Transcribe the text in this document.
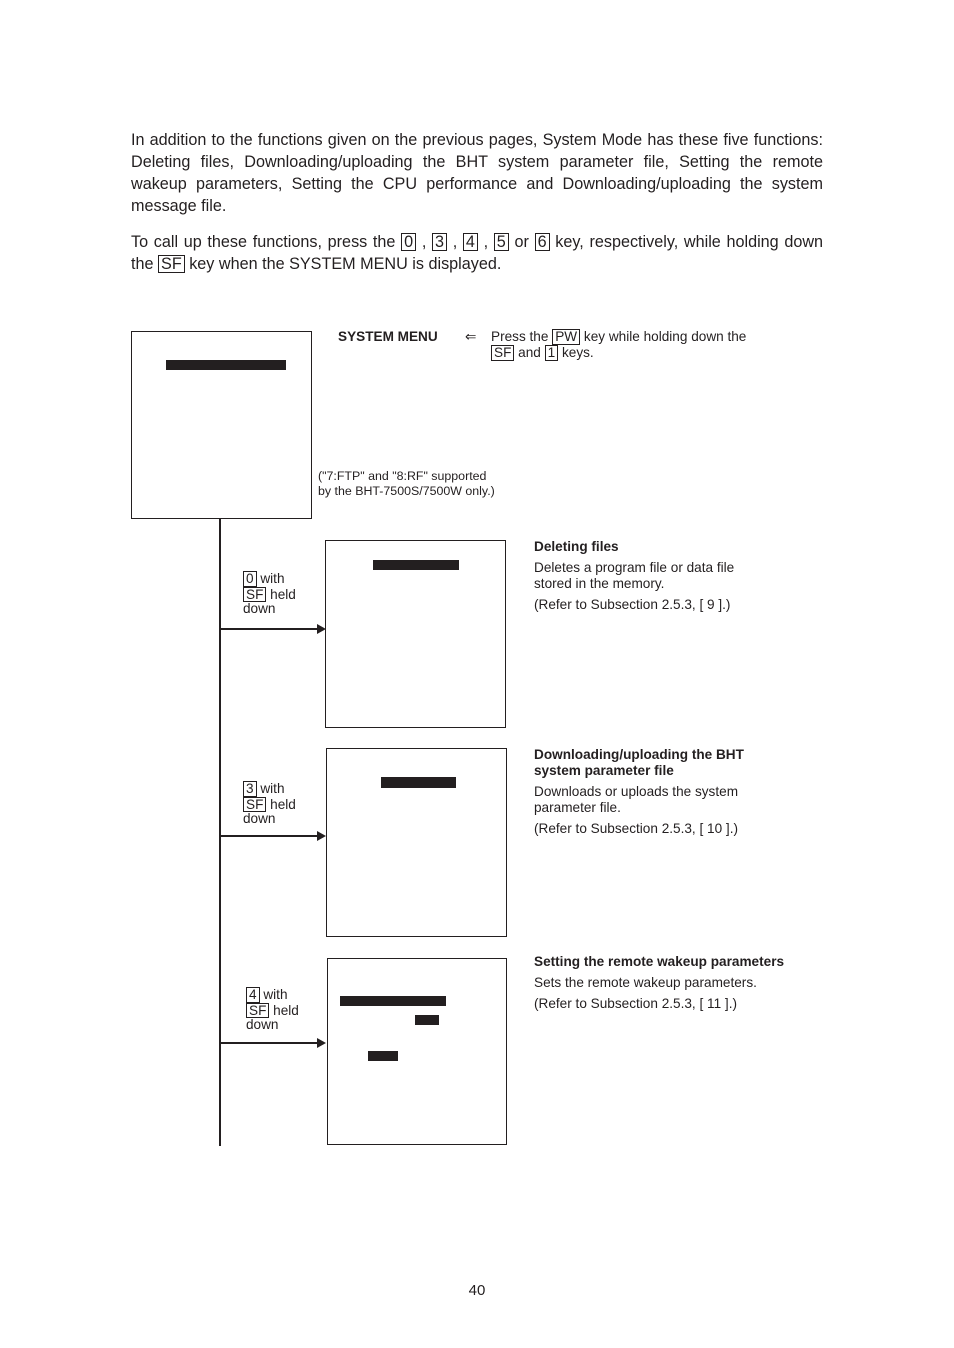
In addition to the functions given on the previous pages, System Mode has these five functions: Deleting files, Downloading/uploading the BHT system parameter file, Setting the remote wakeup parameters, Setting the CPU performance and Downloading/uploading the system message file.

To call up these functions, press the 0 , 3 , 4 , 5 or 6 key, respectively, while holding down the SF key when the SYSTEM MENU is displayed.

SYSTEM MENU ⇐ Press the PW key while holding down the
SF and 1 keys.
("7:FTP" and "8:RF" supported
by the BHT-7500S/7500W only.)
0 with
SF held
down

Deleting files

Deletes a program file or data file

stored in the memory.

(Refer to Subsection 2.5.3, [ 9 ].)

3 with
SF held
down

Downloading/uploading the BHT

system parameter file

Downloads or uploads the system

parameter file.

(Refer to Subsection 2.5.3, [ 10 ].)

4 with
SF held
down

Setting the remote wakeup parameters

Sets the remote wakeup parameters.

(Refer to Subsection 2.5.3, [ 11 ].)

40
